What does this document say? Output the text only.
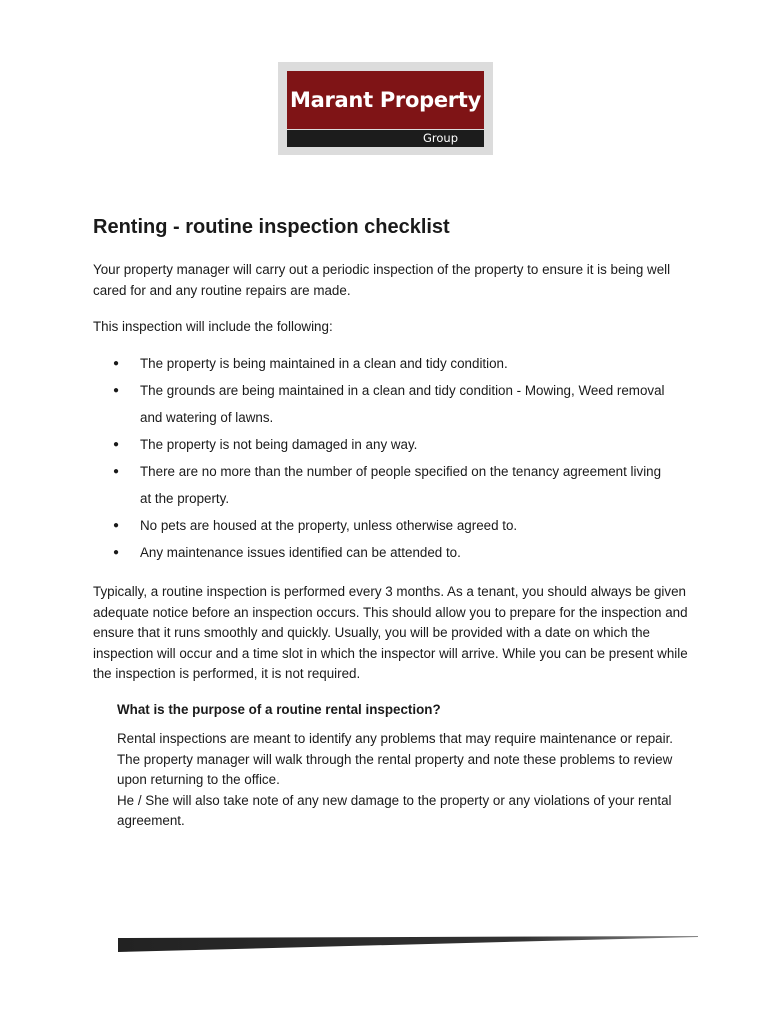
Marant Property
Group
Renting - routine inspection checklist

Your property manager will carry out a periodic inspection of the property to ensure it is being well cared for and any routine repairs are made.

This inspection will include the following:

● The property is being maintained in a clean and tidy condition.
● The grounds are being maintained in a clean and tidy condition - Mowing, Weed removal and watering of lawns.
● The property is not being damaged in any way.
● There are no more than the number of people specified on the tenancy agreement living at the property.
● No pets are housed at the property, unless otherwise agreed to.
● Any maintenance issues identified can be attended to.

Typically, a routine inspection is performed every 3 months. As a tenant, you should always be given adequate notice before an inspection occurs. This should allow you to prepare for the inspection and ensure that it runs smoothly and quickly. Usually, you will be provided with a date on which the inspection will occur and a time slot in which the inspector will arrive. While you can be present while the inspection is performed, it is not required.

What is the purpose of a routine rental inspection?

Rental inspections are meant to identify any problems that may require maintenance or repair.
The property manager will walk through the rental property and note these problems to review upon returning to the office.
He / She will also take note of any new damage to the property or any violations of your rental agreement.
